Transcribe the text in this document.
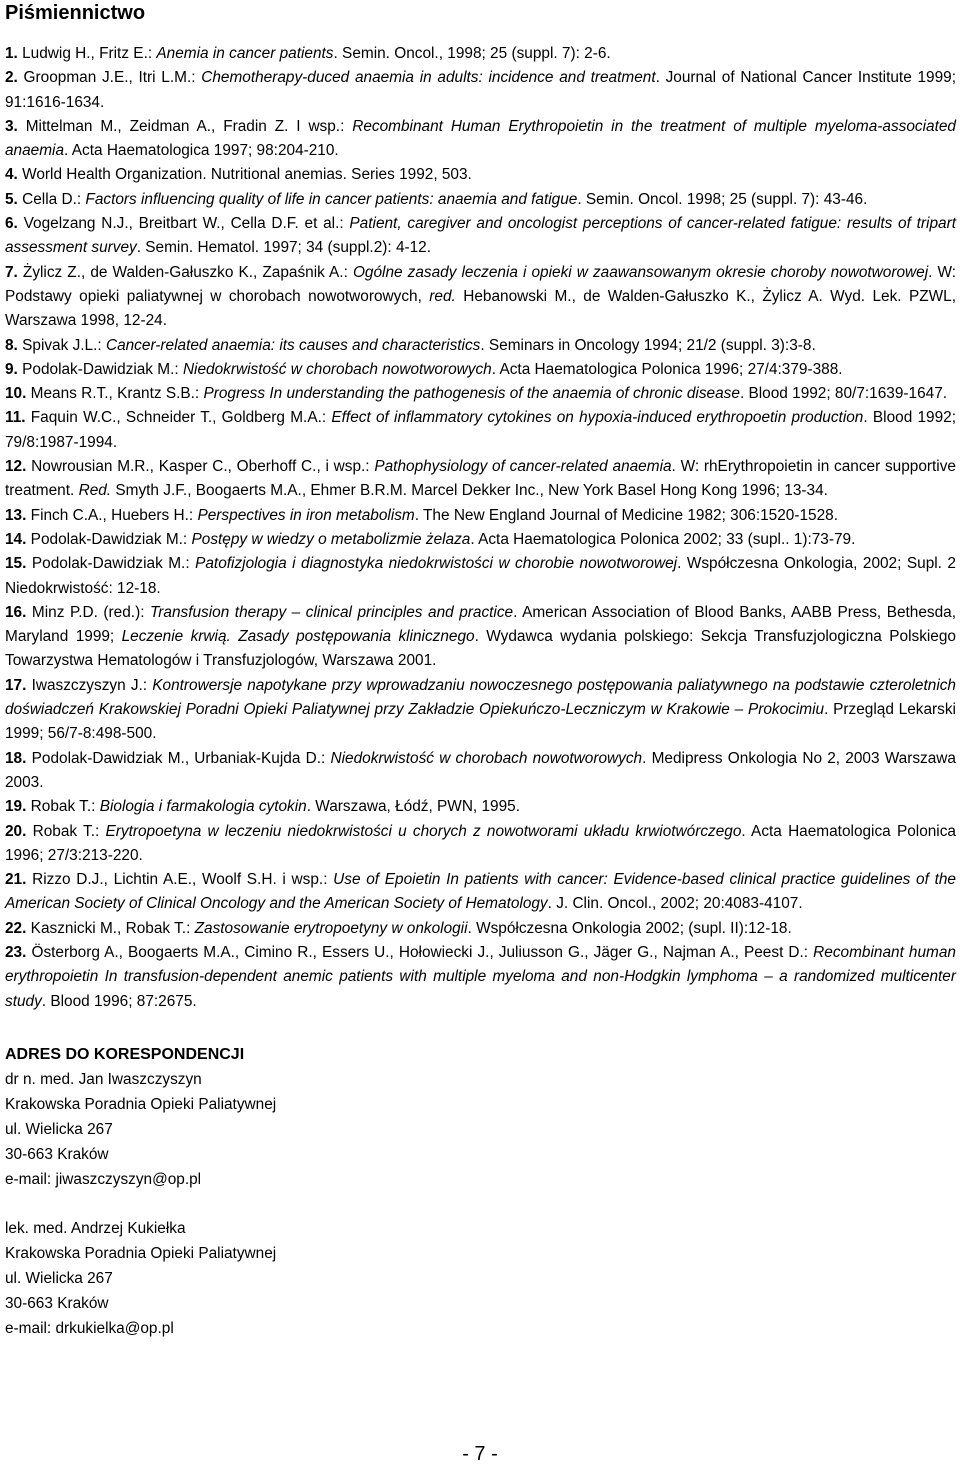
Piśmiennictwo

1. Ludwig H., Fritz E.: Anemia in cancer patients. Semin. Oncol., 1998; 25 (suppl. 7): 2-6.

2. Groopman J.E., Itri L.M.: Chemotherapy-duced anaemia in adults: incidence and treatment. Journal of National Cancer Institute 1999; 91:1616-1634.

3. Mittelman M., Zeidman A., Fradin Z. I wsp.: Recombinant Human Erythropoietin in the treatment of multiple myeloma-associated anaemia. Acta Haematologica 1997; 98:204-210.

4. World Health Organization. Nutritional anemias. Series 1992, 503.

5. Cella D.: Factors influencing quality of life in cancer patients: anaemia and fatigue. Semin. Oncol. 1998; 25 (suppl. 7): 43-46.

6. Vogelzang N.J., Breitbart W., Cella D.F. et al.: Patient, caregiver and oncologist perceptions of cancer-related fatigue: results of tripart assessment survey. Semin. Hematol. 1997; 34 (suppl.2): 4-12.

7. Żylicz Z., de Walden-Gałuszko K., Zapaśnik A.: Ogólne zasady leczenia i opieki w zaawansowanym okresie choroby nowotworowej. W: Podstawy opieki paliatywnej w chorobach nowotworowych, red. Hebanowski M., de Walden-Gałuszko K., Żylicz A. Wyd. Lek. PZWL, Warszawa 1998, 12-24.

8. Spivak J.L.: Cancer-related anaemia: its causes and characteristics. Seminars in Oncology 1994; 21/2 (suppl. 3):3-8.

9. Podolak-Dawidziak M.: Niedokrwistość w chorobach nowotworowych. Acta Haematologica Polonica 1996; 27/4:379-388.

10. Means R.T., Krantz S.B.: Progress In understanding the pathogenesis of the anaemia of chronic disease. Blood 1992; 80/7:1639-1647.

11. Faquin W.C., Schneider T., Goldberg M.A.: Effect of inflammatory cytokines on hypoxia-induced erythropoetin production. Blood 1992; 79/8:1987-1994.

12. Nowrousian M.R., Kasper C., Oberhoff C., i wsp.: Pathophysiology of cancer-related anaemia. W: rhErythropoietin in cancer supportive treatment. Red. Smyth J.F., Boogaerts M.A., Ehmer B.R.M. Marcel Dekker Inc., New York Basel Hong Kong 1996; 13-34.

13. Finch C.A., Huebers H.: Perspectives in iron metabolism. The New England Journal of Medicine 1982; 306:1520-1528.

14. Podolak-Dawidziak M.: Postępy w wiedzy o metabolizmie żelaza. Acta Haematologica Polonica 2002; 33 (supl.. 1):73-79.

15. Podolak-Dawidziak M.: Patofizjologia i diagnostyka niedokrwistości w chorobie nowotworowej. Współczesna Onkologia, 2002; Supl. 2 Niedokrwistość: 12-18.

16. Minz P.D. (red.): Transfusion therapy – clinical principles and practice. American Association of Blood Banks, AABB Press, Bethesda, Maryland 1999; Leczenie krwią. Zasady postępowania klinicznego. Wydawca wydania polskiego: Sekcja Transfuzjologiczna Polskiego Towarzystwa Hematologów i Transfuzjologów, Warszawa 2001.

17. Iwaszczyszyn J.: Kontrowersje napotykane przy wprowadzaniu nowoczesnego postępowania paliatywnego na podstawie czteroletnich doświadczeń Krakowskiej Poradni Opieki Paliatywnej przy Zakładzie Opiekuńczo-Leczniczym w Krakowie – Prokocimiu. Przegląd Lekarski 1999; 56/7-8:498-500.

18. Podolak-Dawidziak M., Urbaniak-Kujda D.: Niedokrwistość w chorobach nowotworowych. Medipress Onkologia No 2, 2003 Warszawa 2003.

19. Robak T.: Biologia i farmakologia cytokin. Warszawa, Łódź, PWN, 1995.

20. Robak T.: Erytropoetyna w leczeniu niedokrwistości u chorych z nowotworami układu krwiotwórczego. Acta Haematologica Polonica 1996; 27/3:213-220.

21. Rizzo D.J., Lichtin A.E., Woolf S.H. i wsp.: Use of Epoietin In patients with cancer: Evidence-based clinical practice guidelines of the American Society of Clinical Oncology and the American Society of Hematology. J. Clin. Oncol., 2002; 20:4083-4107.

22. Kasznicki M., Robak T.: Zastosowanie erytropoetyny w onkologii. Współczesna Onkologia 2002; (supl. II):12-18.

23. Österborg A., Boogaerts M.A., Cimino R., Essers U., Hołowiecki J., Juliusson G., Jäger G., Najman A., Peest D.: Recombinant human erythropoietin In transfusion-dependent anemic patients with multiple myeloma and non-Hodgkin lymphoma – a randomized multicenter study. Blood 1996; 87:2675.

ADRES DO KORESPONDENCJI
dr n. med. Jan Iwaszczyszyn
Krakowska Poradnia Opieki Paliatywnej
ul. Wielicka 267
30-663 Kraków
e-mail: jiwaszczyszyn@op.pl
lek. med. Andrzej Kukiełka
Krakowska Poradnia Opieki Paliatywnej
ul. Wielicka 267
30-663 Kraków
e-mail: drkukielka@op.pl
- 7 -
